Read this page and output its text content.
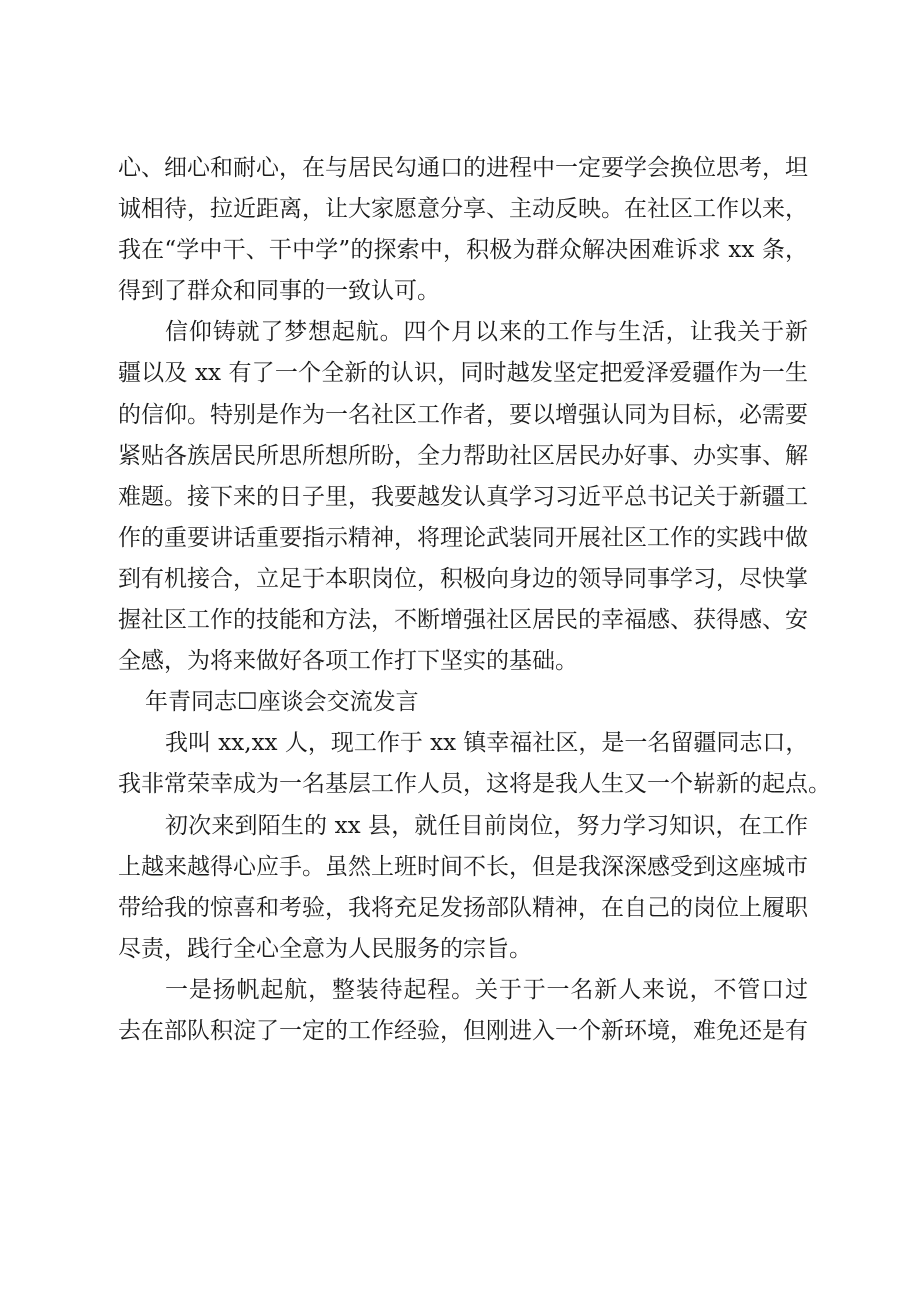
心、细心和耐心，在与居民勾通口的进程中一定要学会换位思考，坦
诚相待，拉近距离，让大家愿意分享、主动反映。在社区工作以来，
我在“学中干、干中学”的探索中，积极为群众解决困难诉求 xx 条，
得到了群众和同事的一致认可。
信仰铸就了梦想起航。四个月以来的工作与生活，让我关于新
疆以及 xx 有了一个全新的认识，同时越发坚定把爱泽爱疆作为一生
的信仰。特别是作为一名社区工作者，要以增强认同为目标，必需要
紧贴各族居民所思所想所盼，全力帮助社区居民办好事、办实事、解
难题。接下来的日子里，我要越发认真学习习近平总书记关于新疆工
作的重要讲话重要指示精神，将理论武装同开展社区工作的实践中做
到有机接合，立足于本职岗位，积极向身边的领导同事学习，尽快掌
握社区工作的技能和方法，不断增强社区居民的幸福感、获得感、安
全感，为将来做好各项工作打下坚实的基础。
年青同志☐座谈会交流发言
我叫 xx,xx 人，现工作于 xx 镇幸福社区，是一名留疆同志口，
我非常荣幸成为一名基层工作人员，这将是我人生又一个崭新的起点。
初次来到陌生的 xx 县，就任目前岗位，努力学习知识，在工作
上越来越得心应手。虽然上班时间不长，但是我深深感受到这座城市
带给我的惊喜和考验，我将充足发扬部队精神，在自己的岗位上履职
尽责，践行全心全意为人民服务的宗旨。
一是扬帆起航，整装待起程。关于于一名新人来说，不管口过
去在部队积淀了一定的工作经验，但刚进入一个新环境，难免还是有
